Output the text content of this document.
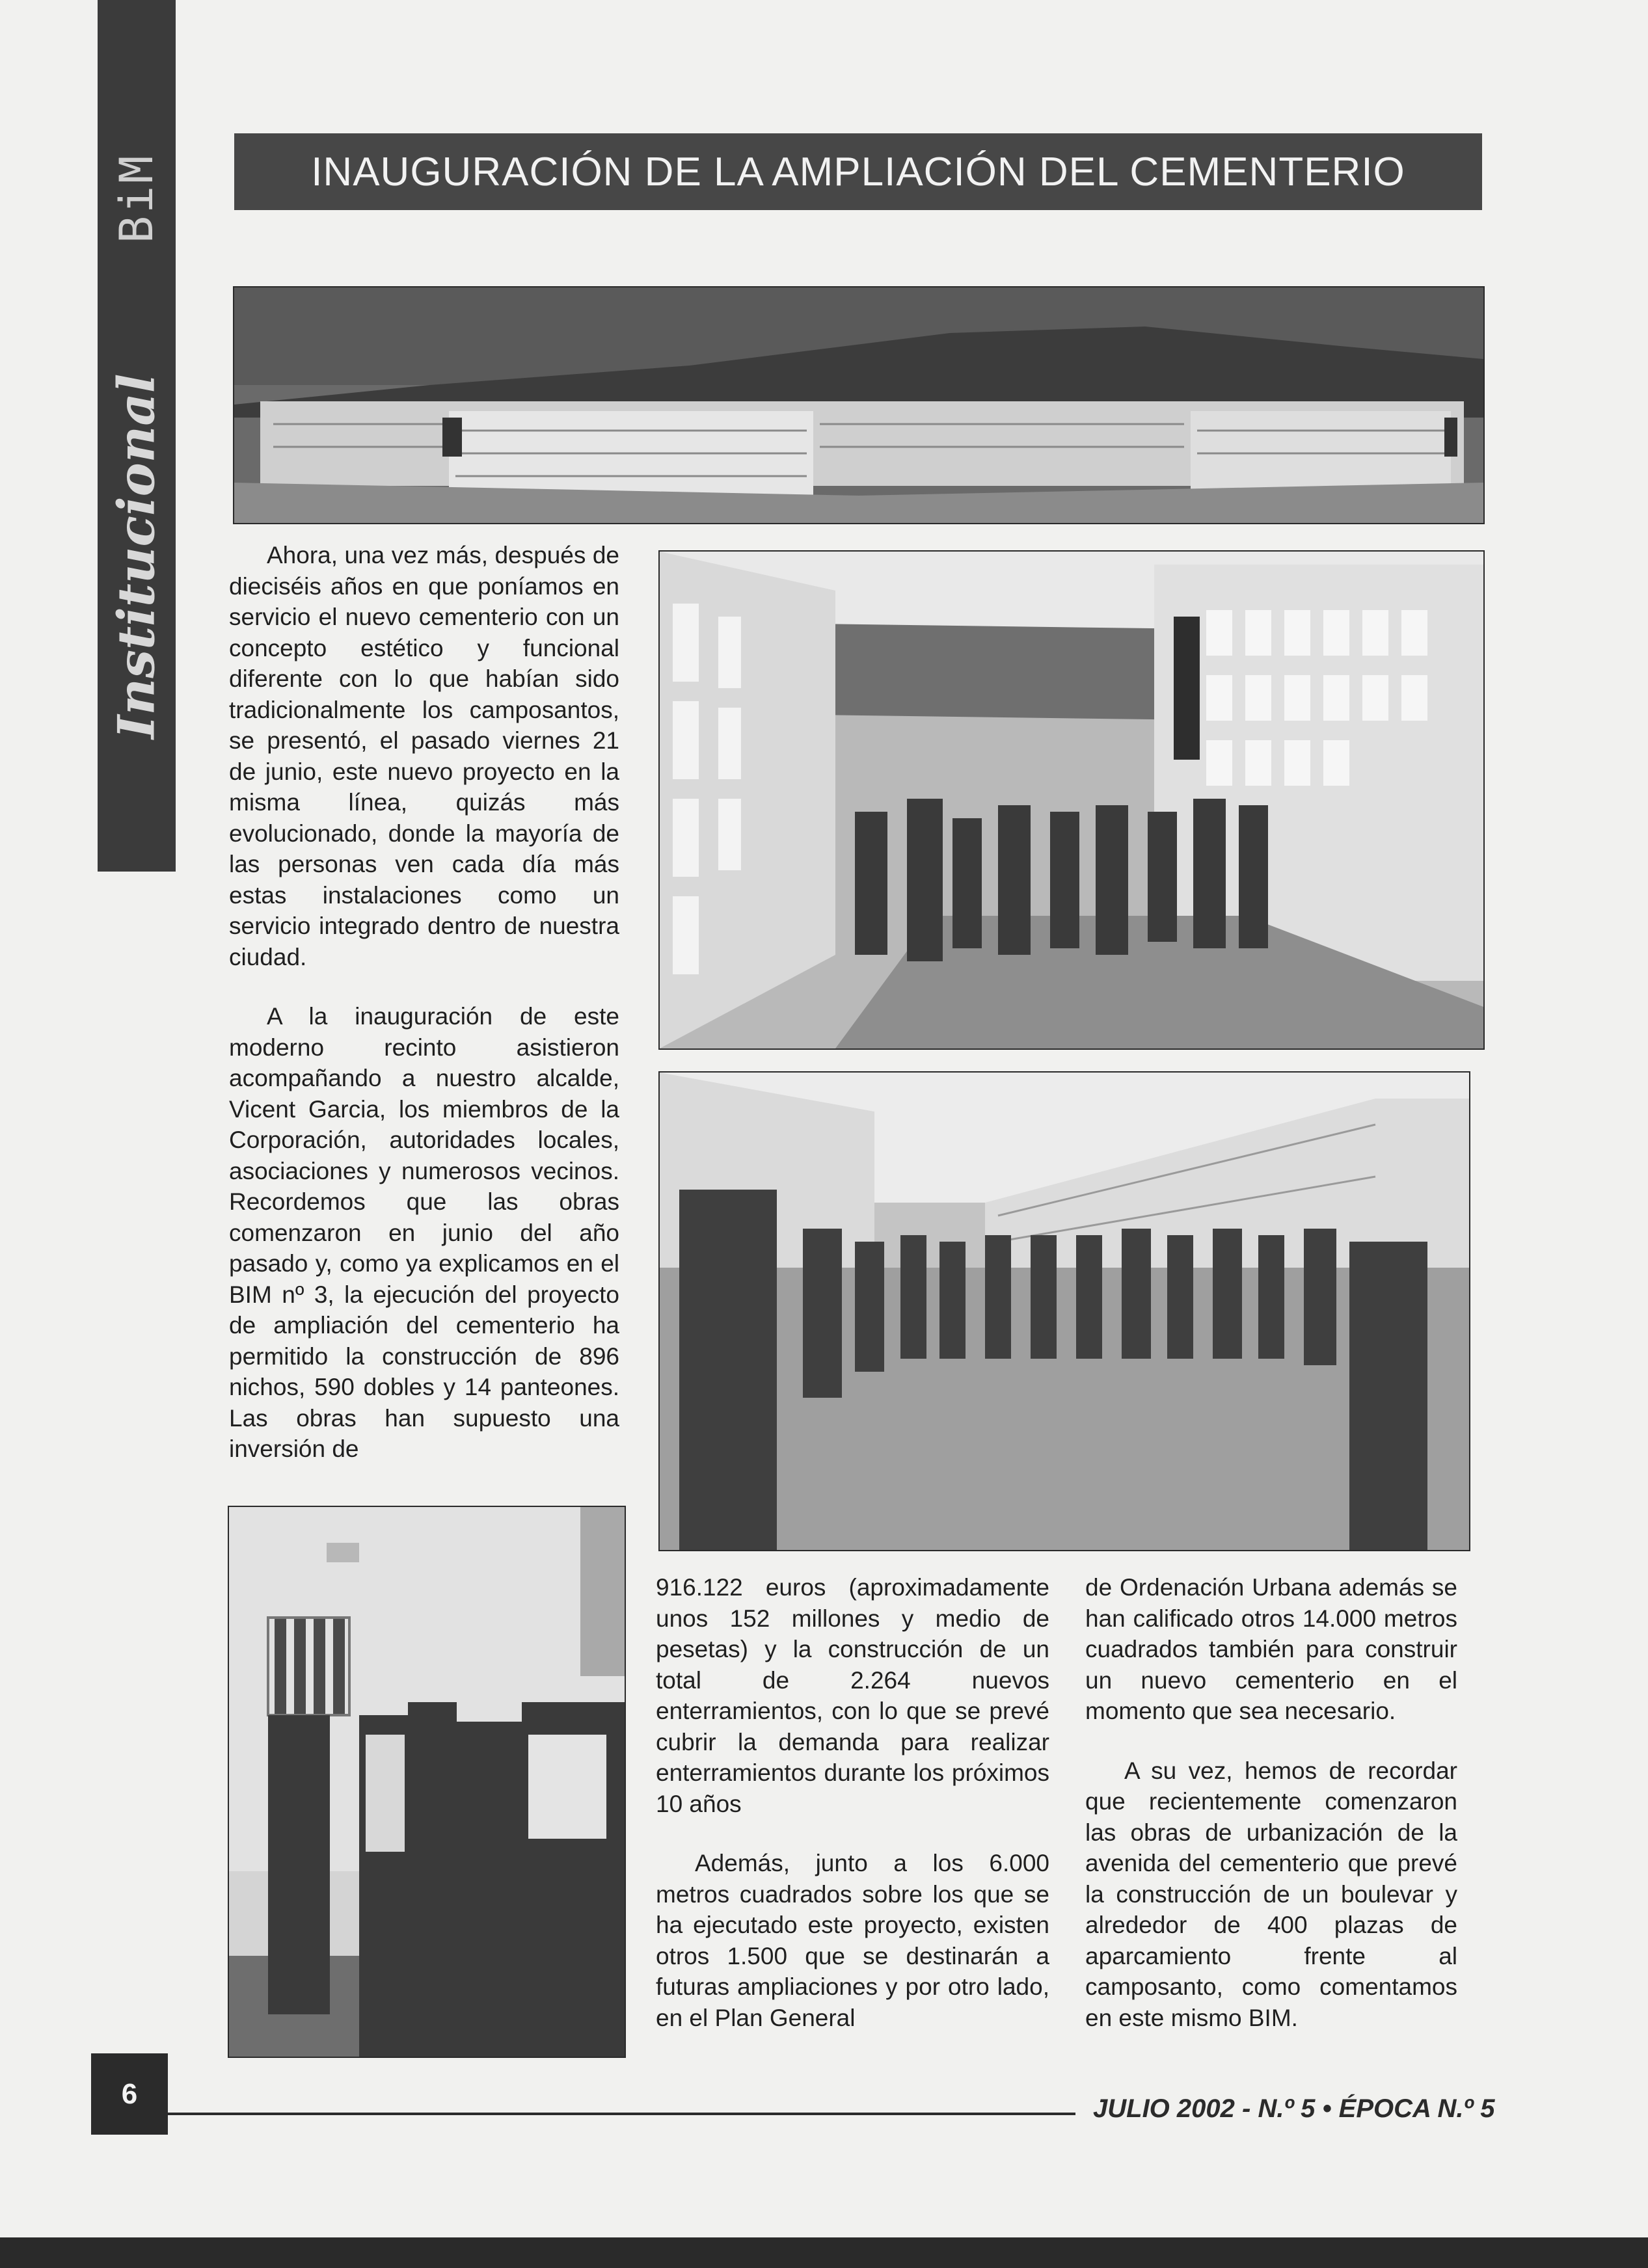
BiM
Institucional
INAUGURACIÓN DE LA AMPLIACIÓN DEL CEMENTERIO

Ahora, una vez más, después de dieciséis años en que poníamos en servicio el nuevo cementerio con un concepto estético y funcional diferente con lo que habían sido tradicionalmente los camposantos, se presentó, el pasado viernes 21 de junio, este nuevo proyecto en la misma línea, quizás más evolucionado, donde la mayoría de las personas ven cada día más estas instalaciones como un servicio integrado dentro de nuestra ciudad.

A la inauguración de este moderno recinto asistieron acompañando a nuestro alcalde, Vicent Garcia, los miembros de la Corporación, autoridades locales, asociaciones y numerosos vecinos. Recordemos que las obras comenzaron en junio del año pasado y, como ya explicamos en el BIM nº 3, la ejecución del proyecto de ampliación del cementerio ha permitido la construcción de 896 nichos, 590 dobles y 14 panteones. Las obras han supuesto una inversión de

916.122 euros (aproximadamente unos 152 millones y medio de pesetas) y la construcción de un total de 2.264 nuevos enterramientos, con lo que se prevé cubrir la demanda para realizar enterramientos durante los próximos 10 años

Además, junto a los 6.000 metros cuadrados sobre los que se ha ejecutado este proyecto, existen otros 1.500 que se destinarán a futuras ampliaciones y por otro lado, en el Plan General

de Ordenación Urbana además se han calificado otros 14.000 metros cuadrados también para construir un nuevo cementerio en el momento que sea necesario.

A su vez, hemos de recordar que recientemente comenzaron las obras de urbanización de la avenida del cementerio que prevé la construcción de un boulevar y alrededor de 400 plazas de aparcamiento frente al camposanto, como comentamos en este mismo BIM.

6	JULIO 2002 - N.º 5 • ÉPOCA N.º 5
